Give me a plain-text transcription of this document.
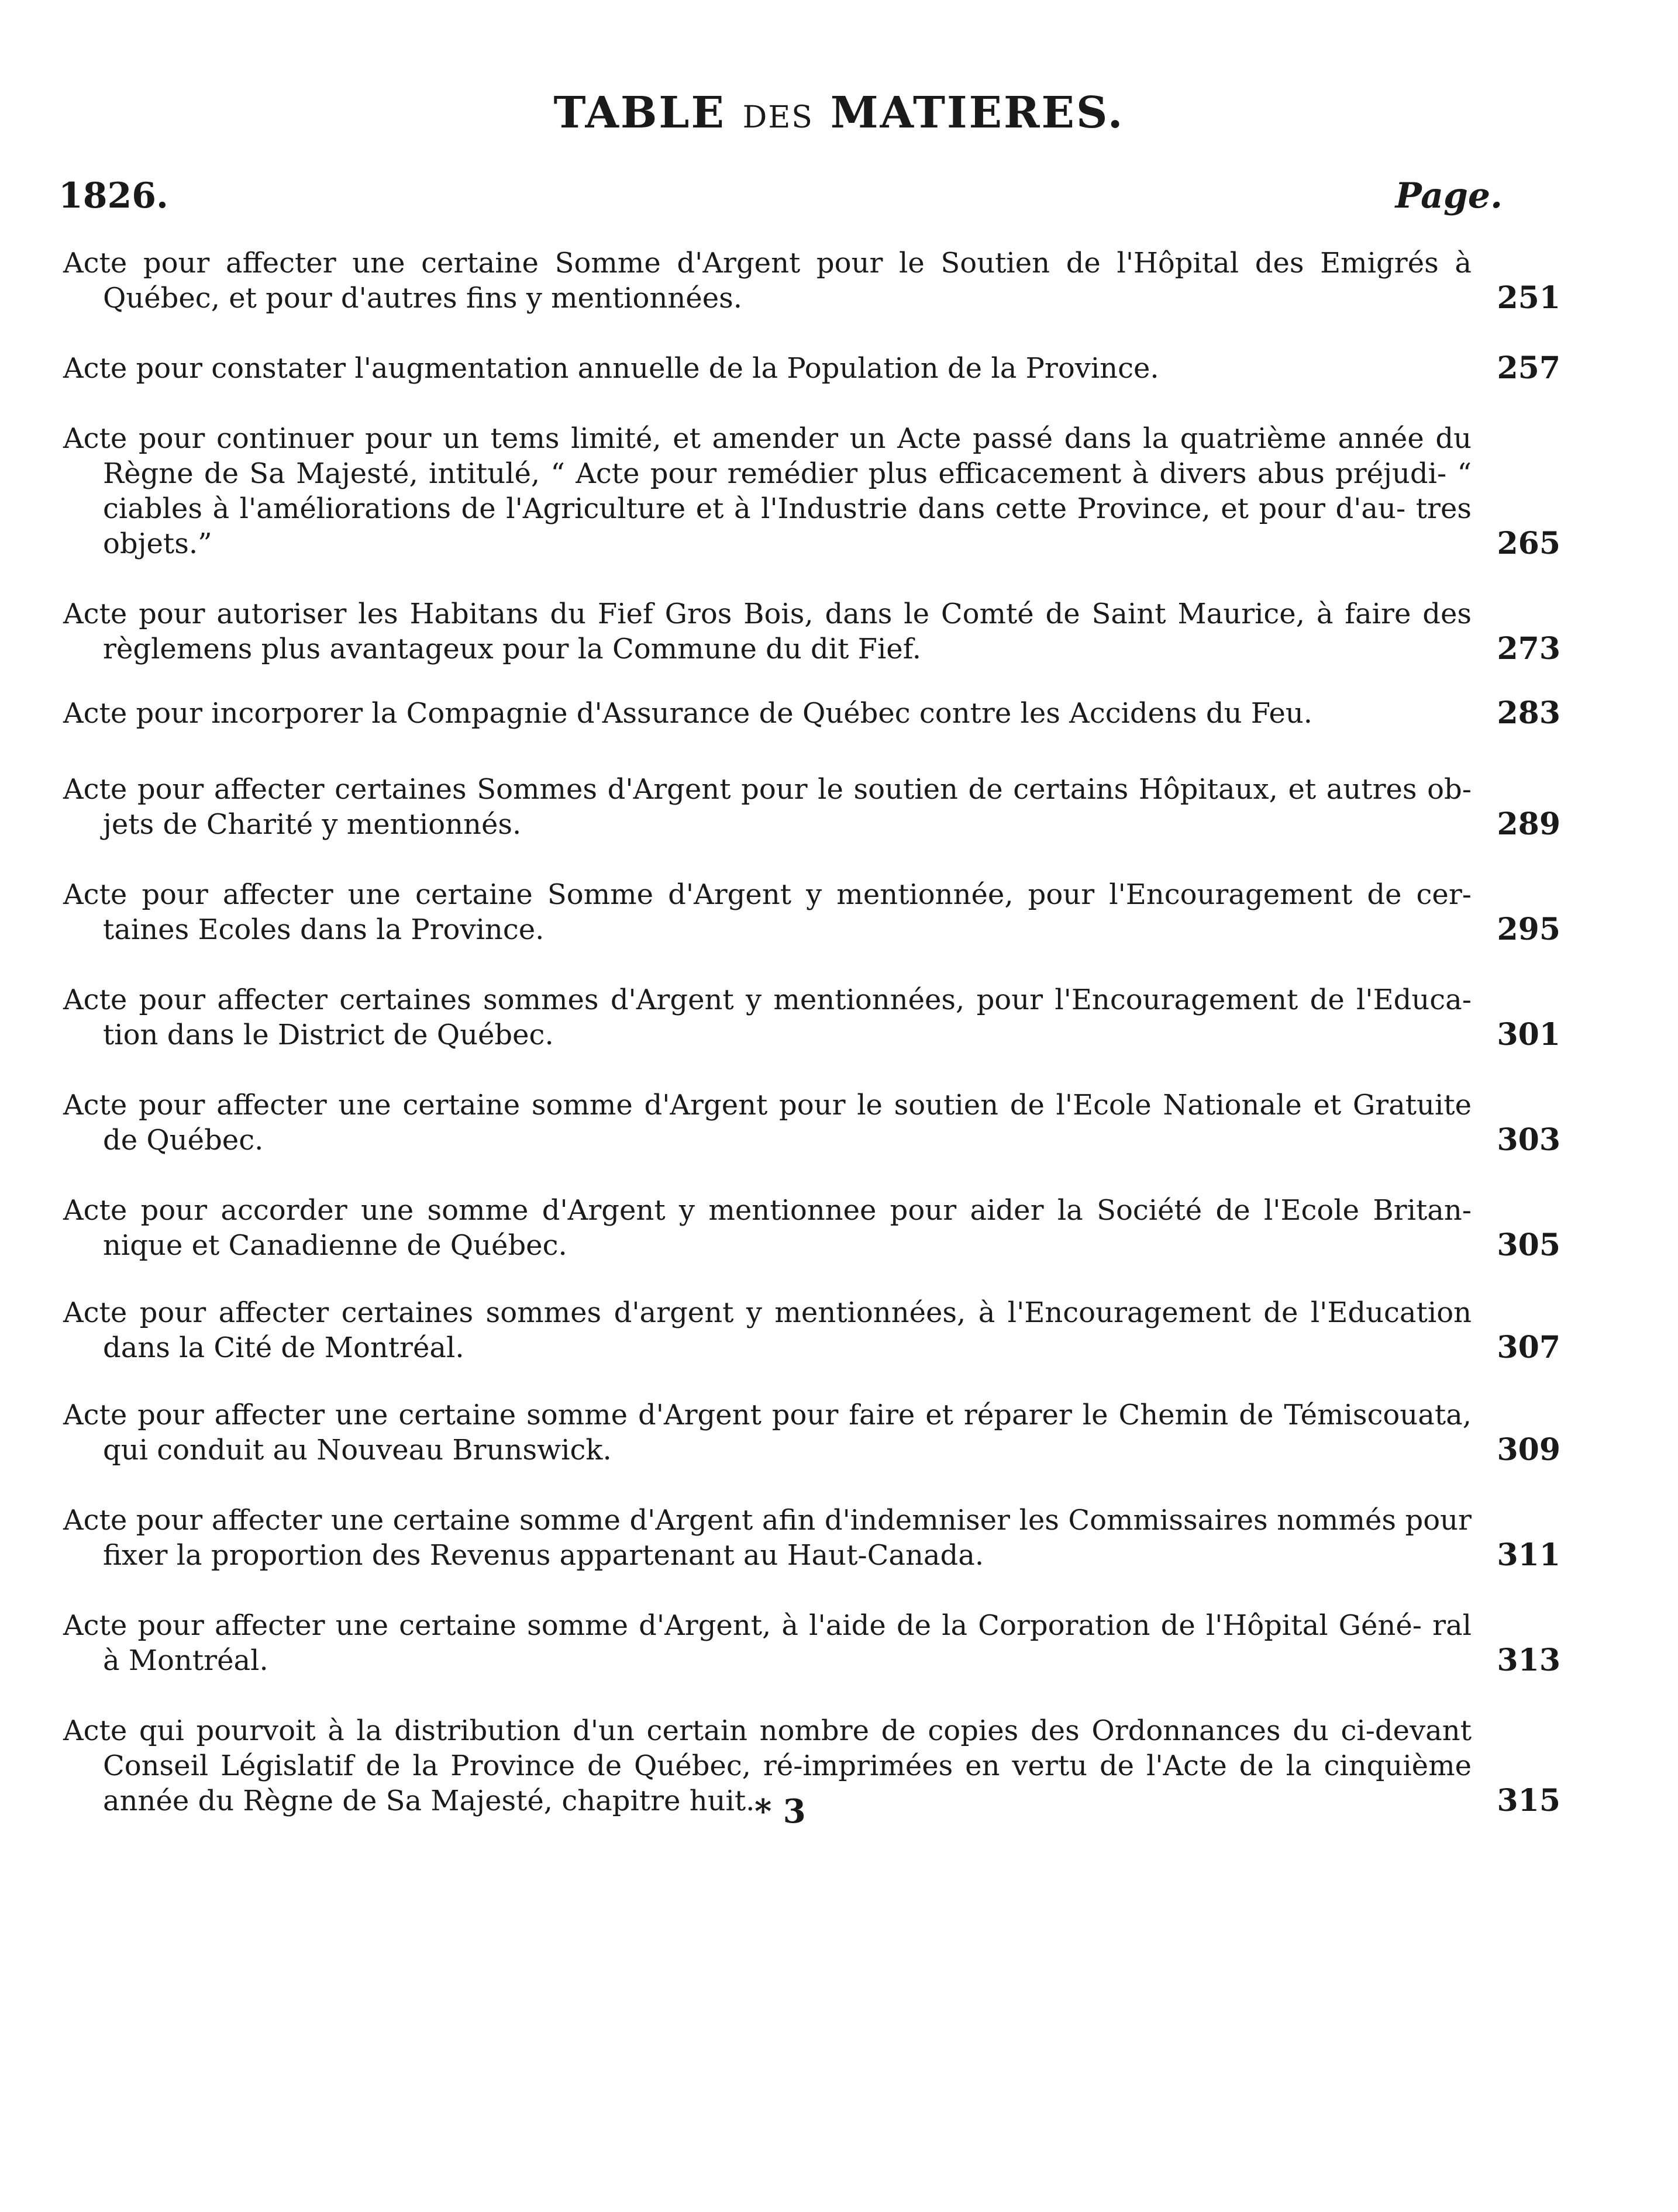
TABLE DES MATIERES.
1826.	Page.
Acte pour affecter une certaine Somme d'Argent pour le Soutien de l'Hôpital des Emigrés à Québec, et pour d'autres fins y mentionnées.	251
Acte pour constater l'augmentation annuelle de la Population de la Province.	257
Acte pour continuer pour un tems limité, et amender un Acte passé dans la quatrième année du Règne de Sa Majesté, intitulé, “ Acte pour remédier plus efficacement à divers abus préjudi- “ ciables à l'améliorations de l'Agriculture et à l'Industrie dans cette Province, et pour d'au- tres objets.”	265
Acte pour autoriser les Habitans du Fief Gros Bois, dans le Comté de Saint Maurice, à faire des règlemens plus avantageux pour la Commune du dit Fief.	273
Acte pour incorporer la Compagnie d'Assurance de Québec contre les Accidens du Feu.	283
Acte pour affecter certaines Sommes d'Argent pour le soutien de certains Hôpitaux, et autres ob- jets de Charité y mentionnés.	289
Acte pour affecter une certaine Somme d'Argent y mentionnée, pour l'Encouragement de cer- taines Ecoles dans la Province.	295
Acte pour affecter certaines sommes d'Argent y mentionnées, pour l'Encouragement de l'Educa- tion dans le District de Québec.	301
Acte pour affecter une certaine somme d'Argent pour le soutien de l'Ecole Nationale et Gratuite de Québec.	303
Acte pour accorder une somme d'Argent y mentionnee pour aider la Société de l'Ecole Britan- nique et Canadienne de Québec.	305
Acte pour affecter certaines sommes d'argent y mentionnées, à l'Encouragement de l'Education dans la Cité de Montréal.	307
Acte pour affecter une certaine somme d'Argent pour faire et réparer le Chemin de Témiscouata, qui conduit au Nouveau Brunswick.	309
Acte pour affecter une certaine somme d'Argent afin d'indemniser les Commissaires nommés pour fixer la proportion des Revenus appartenant au Haut-Canada.	311
Acte pour affecter une certaine somme d'Argent, à l'aide de la Corporation de l'Hôpital Géné- ral à Montréal.	313
Acte qui pourvoit à la distribution d'un certain nombre de copies des Ordonnances du ci-devant Conseil Législatif de la Province de Québec, ré-imprimées en vertu de l'Acte de la cinquième année du Règne de Sa Majesté, chapitre huit.	315
* 3
